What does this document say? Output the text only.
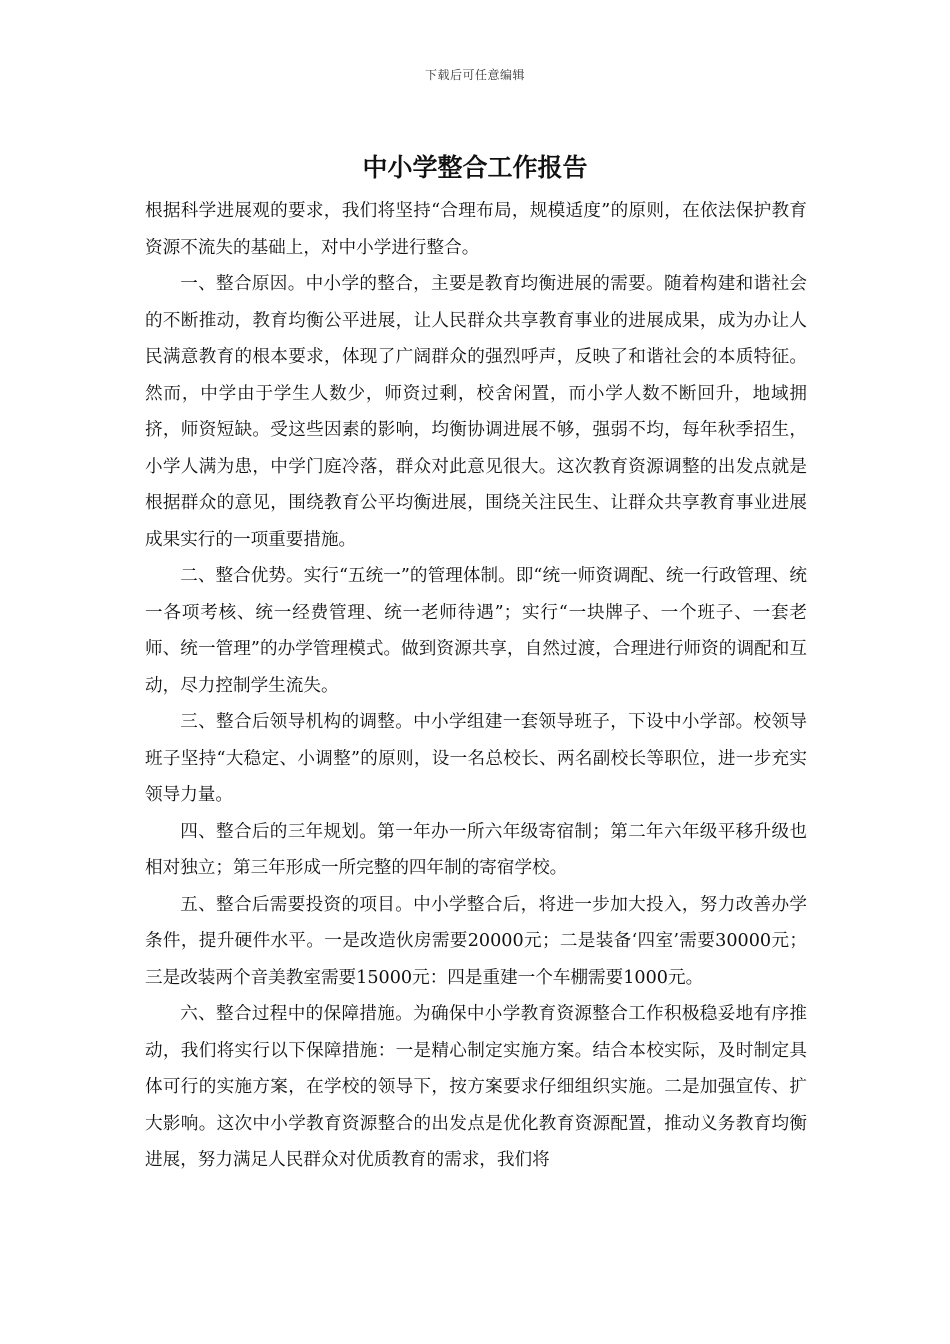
下载后可任意编辑
中小学整合工作报告

根据科学进展观的要求，我们将坚持“合理布局，规模适度”的原则，在依法保护教育资源不流失的基础上，对中小学进行整合。

一、整合原因。中小学的整合，主要是教育均衡进展的需要。随着构建和谐社会的不断推动，教育均衡公平进展，让人民群众共享教育事业的进展成果，成为办让人民满意教育的根本要求，体现了广阔群众的强烈呼声，反映了和谐社会的本质特征。然而，中学由于学生人数少，师资过剩，校舍闲置，而小学人数不断回升，地域拥挤，师资短缺。受这些因素的影响，均衡协调进展不够，强弱不均，每年秋季招生，小学人满为患，中学门庭冷落，群众对此意见很大。这次教育资源调整的出发点就是根据群众的意见，围绕教育公平均衡进展，围绕关注民生、让群众共享教育事业进展成果实行的一项重要措施。

二、整合优势。实行“五统一”的管理体制。即“统一师资调配、统一行政管理、统一各项考核、统一经费管理、统一老师待遇”；实行“一块牌子、一个班子、一套老师、统一管理”的办学管理模式。做到资源共享，自然过渡，合理进行师资的调配和互动，尽力控制学生流失。

三、整合后领导机构的调整。中小学组建一套领导班子，下设中小学部。校领导班子坚持“大稳定、小调整”的原则，设一名总校长、两名副校长等职位，进一步充实领导力量。

四、整合后的三年规划。第一年办一所六年级寄宿制；第二年六年级平移升级也相对独立；第三年形成一所完整的四年制的寄宿学校。

五、整合后需要投资的项目。中小学整合后，将进一步加大投入，努力改善办学条件，提升硬件水平。一是改造伙房需要20000元；二是装备‘四室’需要30000元；三是改装两个音美教室需要15000元：四是重建一个车棚需要1000元。

六、整合过程中的保障措施。为确保中小学教育资源整合工作积极稳妥地有序推动，我们将实行以下保障措施：一是精心制定实施方案。结合本校实际，及时制定具体可行的实施方案，在学校的领导下，按方案要求仔细组织实施。二是加强宣传、扩大影响。这次中小学教育资源整合的出发点是优化教育资源配置，推动义务教育均衡进展，努力满足人民群众对优质教育的需求，我们将
